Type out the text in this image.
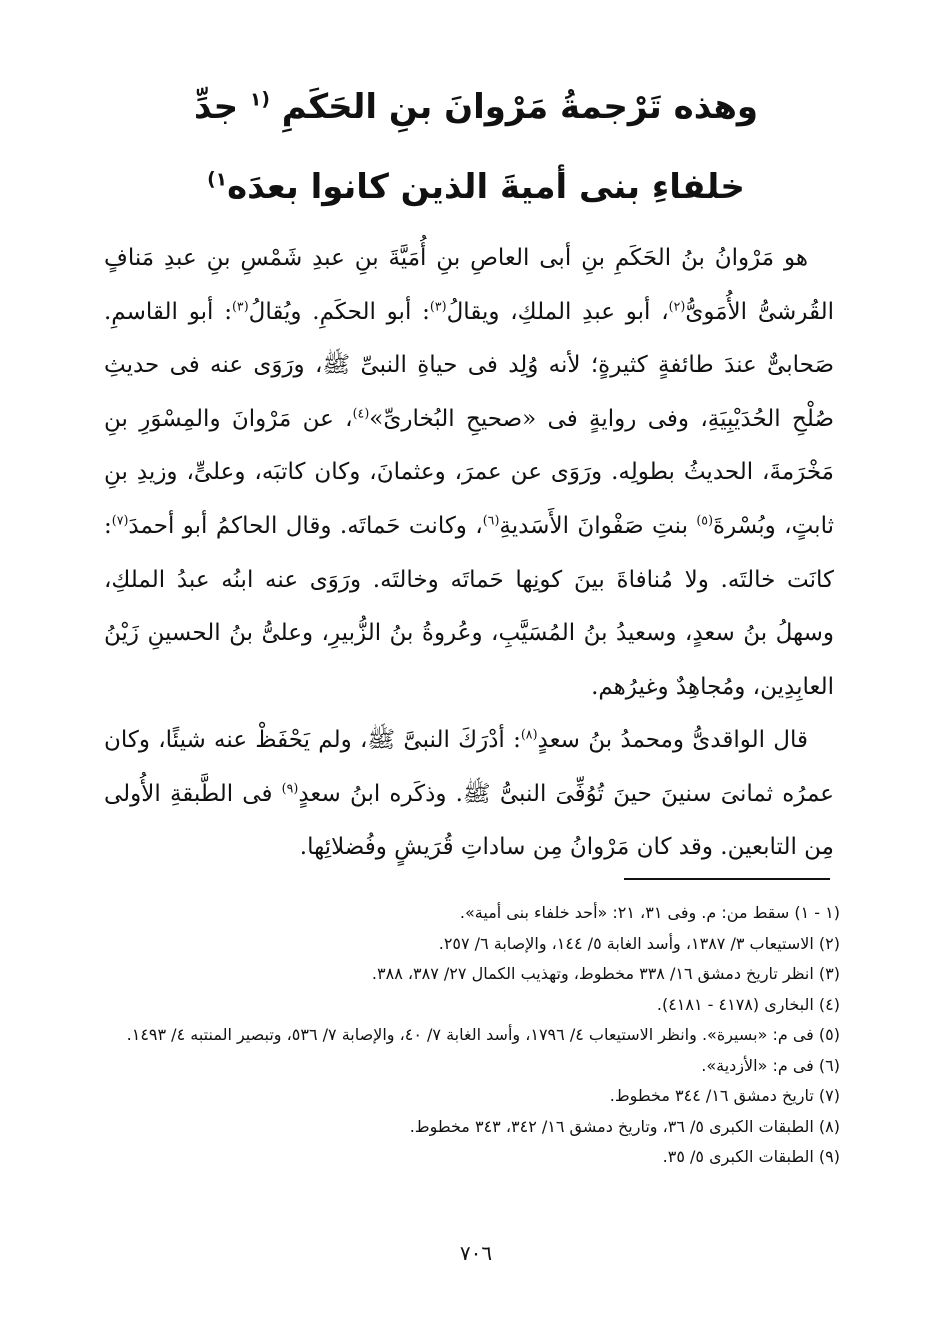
وهذه تَرْجمةُ مَرْوانَ بنِ الحَكَمِ $^{(١}$ جدِّ
خلفاءِ بنى أميةَ الذين كانوا بعدَه$^{١)}$

هو مَرْوانُ بنُ الحَكَمِ بنِ أبى العاصِ بنِ أُمَيَّةَ بنِ عبدِ شَمْسِ بنِ عبدِ مَنافٍ القُرشىُّ الأُمَوىُّ$^{(٢)}$، أبو عبدِ الملكِ، ويقالُ$^{(٣)}$: أبو الحكَمِ. ويُقالُ$^{(٣)}$: أبو القاسمِ. صَحابىٌّ عندَ طائفةٍ كثيرةٍ؛ لأنه وُلِد فى حياةِ النبىِّ ﷺ، ورَوَى عنه فى حديثِ صُلْحِ الحُدَيْبِيَةِ، وفى روايةٍ فى «صحيحِ البُخارىِّ»$^{(٤)}$، عن مَرْوانَ والمِسْوَرِ بنِ مَخْرَمةَ، الحديثُ بطولِه. ورَوَى عن عمرَ، وعثمانَ، وكان كاتبَه، وعلىٍّ، وزيدِ بنِ ثابتٍ، وبُسْرةَ$^{(٥)}$ بنتِ صَفْوانَ الأَسَديةِ$^{(٦)}$، وكانت حَماتَه. وقال الحاكمُ أبو أحمدَ$^{(٧)}$: كانَت خالتَه. ولا مُنافاةَ بينَ كونِها حَماتَه وخالتَه. ورَوَى عنه ابنُه عبدُ الملكِ، وسهلُ بنُ سعدٍ، وسعيدُ بنُ المُسَيَّبِ، وعُروةُ بنُ الزُّبيرِ، وعلىُّ بنُ الحسينِ زَيْنُ العابِدِين، ومُجاهِدٌ وغيرُهم.

قال الواقدىُّ ومحمدُ بنُ سعدٍ$^{(٨)}$: أدْرَكَ النبىَّ ﷺ، ولم يَحْفَظْ عنه شيئًا، وكان عمرُه ثمانىَ سنينَ حينَ تُوُفِّىَ النبىُّ ﷺ. وذكَره ابنُ سعدٍ$^{(٩)}$ فى الطَّبقةِ الأُولى مِن التابعين. وقد كان مَرْوانُ مِن ساداتِ قُرَيشٍ وفُضلائِها.

(١ - ١) سقط من: م. وفى ٣١، ٢١: «أحد خلفاء بنى أمية».
(٢) الاستيعاب ٣/ ١٣٨٧، وأسد الغابة ٥/ ١٤٤، والإصابة ٦/ ٢٥٧.
(٣) انظر تاريخ دمشق ١٦/ ٣٣٨ مخطوط، وتهذيب الكمال ٢٧/ ٣٨٧، ٣٨٨.
(٤) البخارى (٤١٧٨ - ٤١٨١).
(٥) فى م: «بسيرة». وانظر الاستيعاب ٤/ ١٧٩٦، وأسد الغابة ٧/ ٤٠، والإصابة ٧/ ٥٣٦، وتبصير المنتبه ٤/ ١٤٩٣.
(٦) فى م: «الأزدية».
(٧) تاريخ دمشق ١٦/ ٣٤٤ مخطوط.
(٨) الطبقات الكبرى ٥/ ٣٦، وتاريخ دمشق ١٦/ ٣٤٢، ٣٤٣ مخطوط.
(٩) الطبقات الكبرى ٥/ ٣٥.
٧٠٦
